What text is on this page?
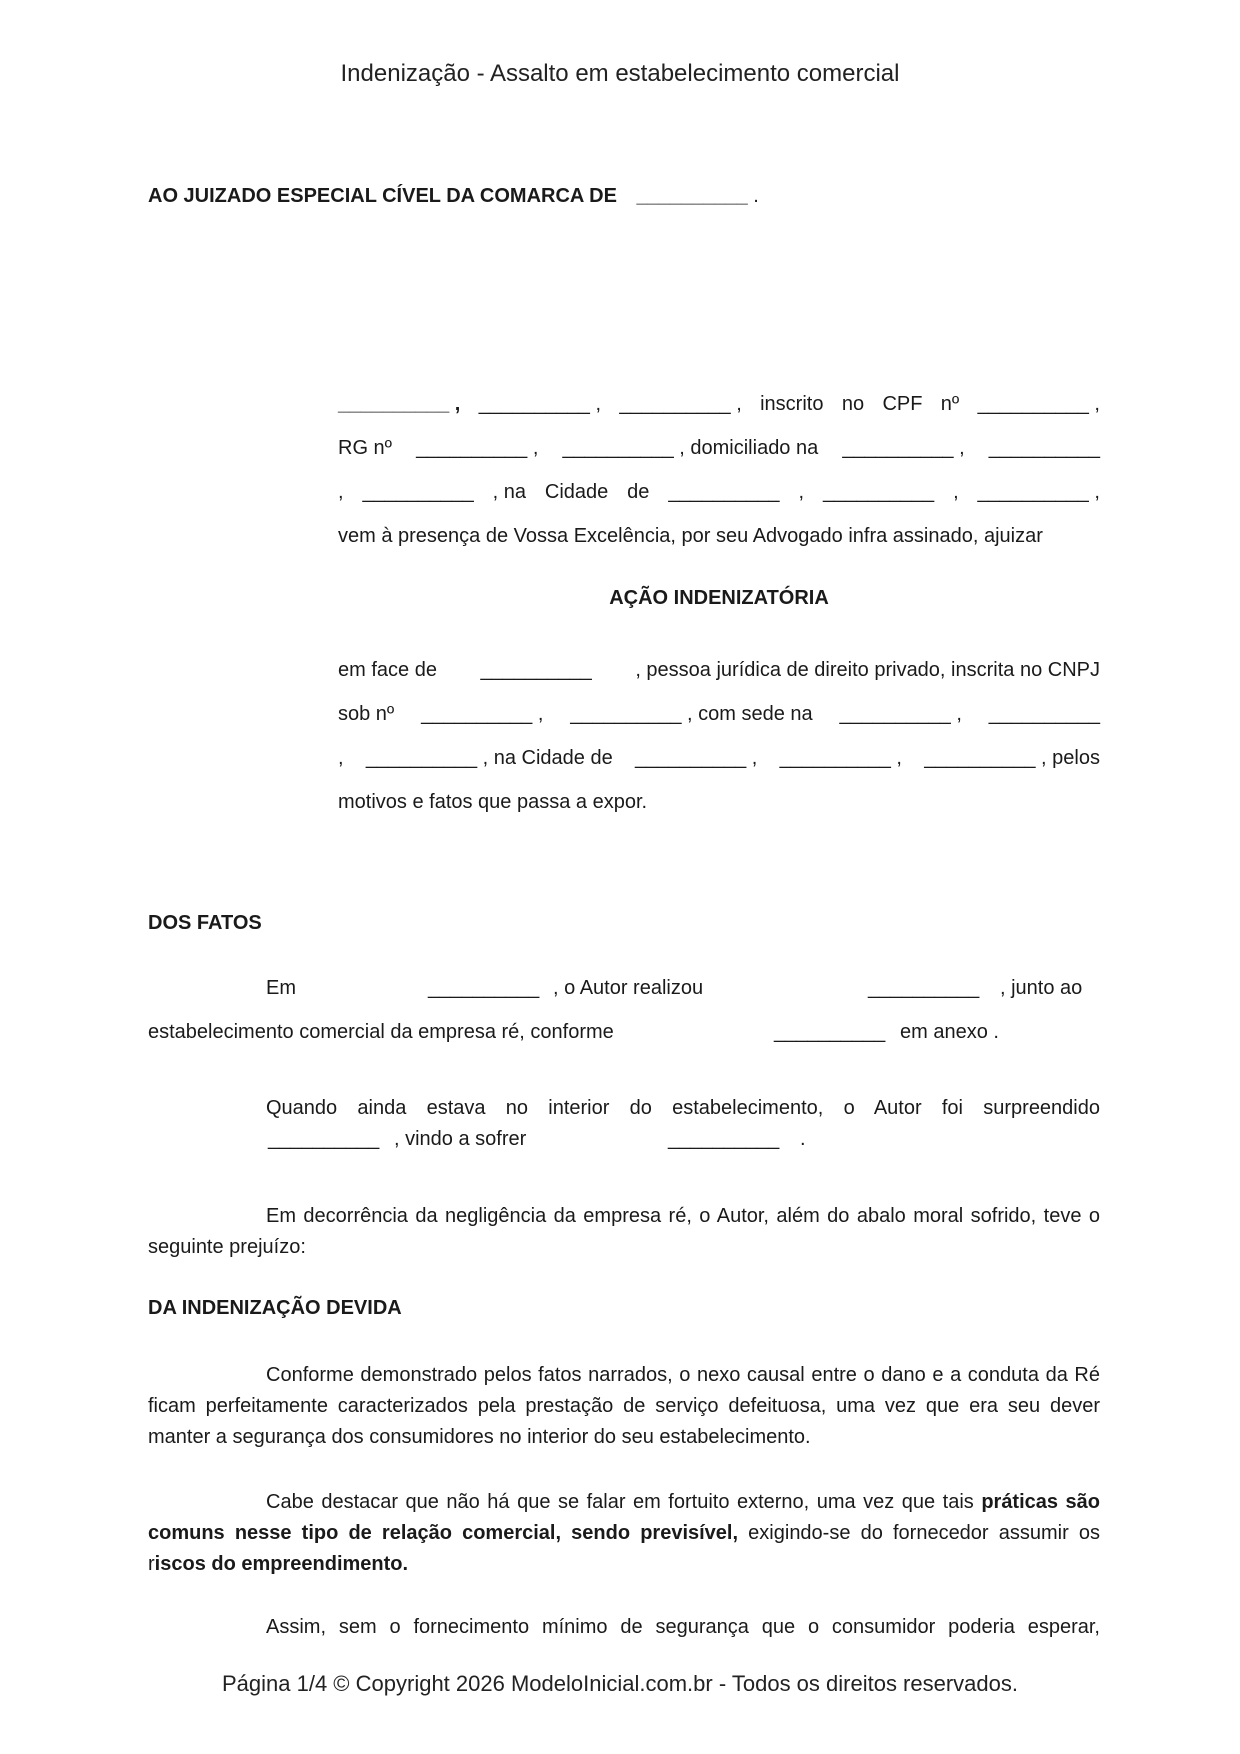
Indenização - Assalto em estabelecimento comercial
AO JUIZADO ESPECIAL CÍVEL DA COMARCA DE __________ .
__________ , __________ , __________ , inscrito no CPF nº __________ ,
RG nº __________ , __________ , domiciliado na __________ , __________
, __________ , na Cidade de __________ , __________ , __________ ,
vem à presença de Vossa Excelência, por seu Advogado infra assinado, ajuizar
AÇÃO INDENIZATÓRIA
em face de __________ , pessoa jurídica de direito privado, inscrita no CNPJ
sob nº __________ , __________ , com sede na __________ , __________
, __________ , na Cidade de __________ , __________ , __________ , pelos
motivos e fatos que passa a expor.
DOS FATOS
Em	__________ , o Autor realizou	__________ , junto ao
estabelecimento comercial da empresa ré, conforme	__________ em anexo .
Quando ainda estava no interior do estabelecimento, o Autor foi surpreendido
__________ , vindo a sofrer	__________ .
Em decorrência da negligência da empresa ré, o Autor, além do abalo moral sofrido, teve o seguinte prejuízo:
DA INDENIZAÇÃO DEVIDA
Conforme demonstrado pelos fatos narrados, o nexo causal entre o dano e a conduta da Ré ficam perfeitamente caracterizados pela prestação de serviço defeituosa, uma vez que era seu dever manter a segurança dos consumidores no interior do seu estabelecimento.
Cabe destacar que não há que se falar em fortuito externo, uma vez que tais práticas são comuns nesse tipo de relação comercial, sendo previsível, exigindo-se do fornecedor assumir os riscos do empreendimento.
Assim, sem o fornecimento mínimo de segurança que o consumidor poderia esperar,
Página 1/4 © Copyright 2026 ModeloInicial.com.br - Todos os direitos reservados.
